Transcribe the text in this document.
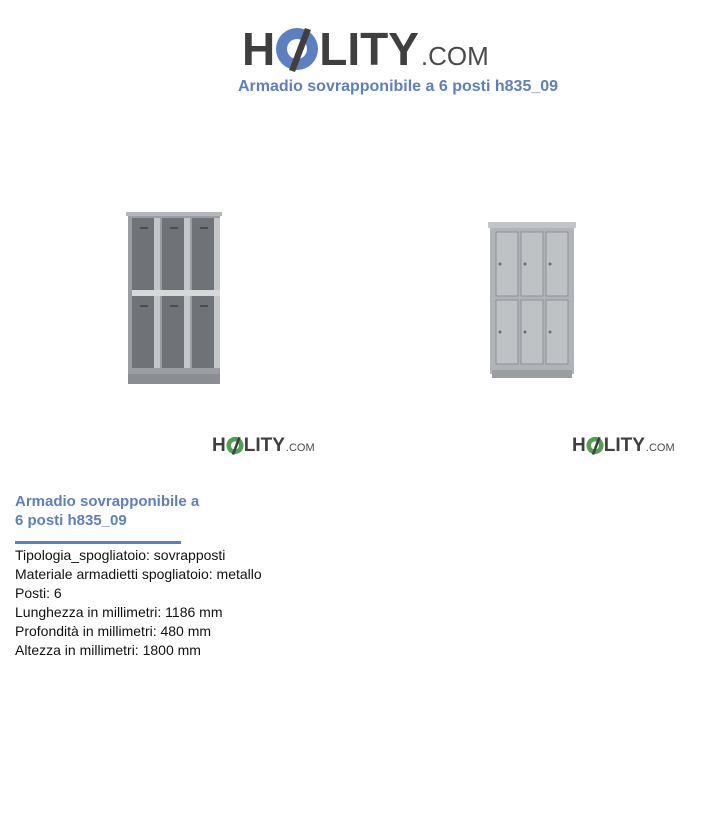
H LITY .COM
Armadio sovrapponibile a 6 posti h835_09
H LITY .COM	H LITY .COM
Armadio sovrapponibile a
6 posti h835_09
Tipologia_spogliatoio: sovrapposti
Materiale armadietti spogliatoio: metallo
Posti: 6
Lunghezza in millimetri: 1186 mm
Profondità in millimetri: 480 mm
Altezza in millimetri: 1800 mm
